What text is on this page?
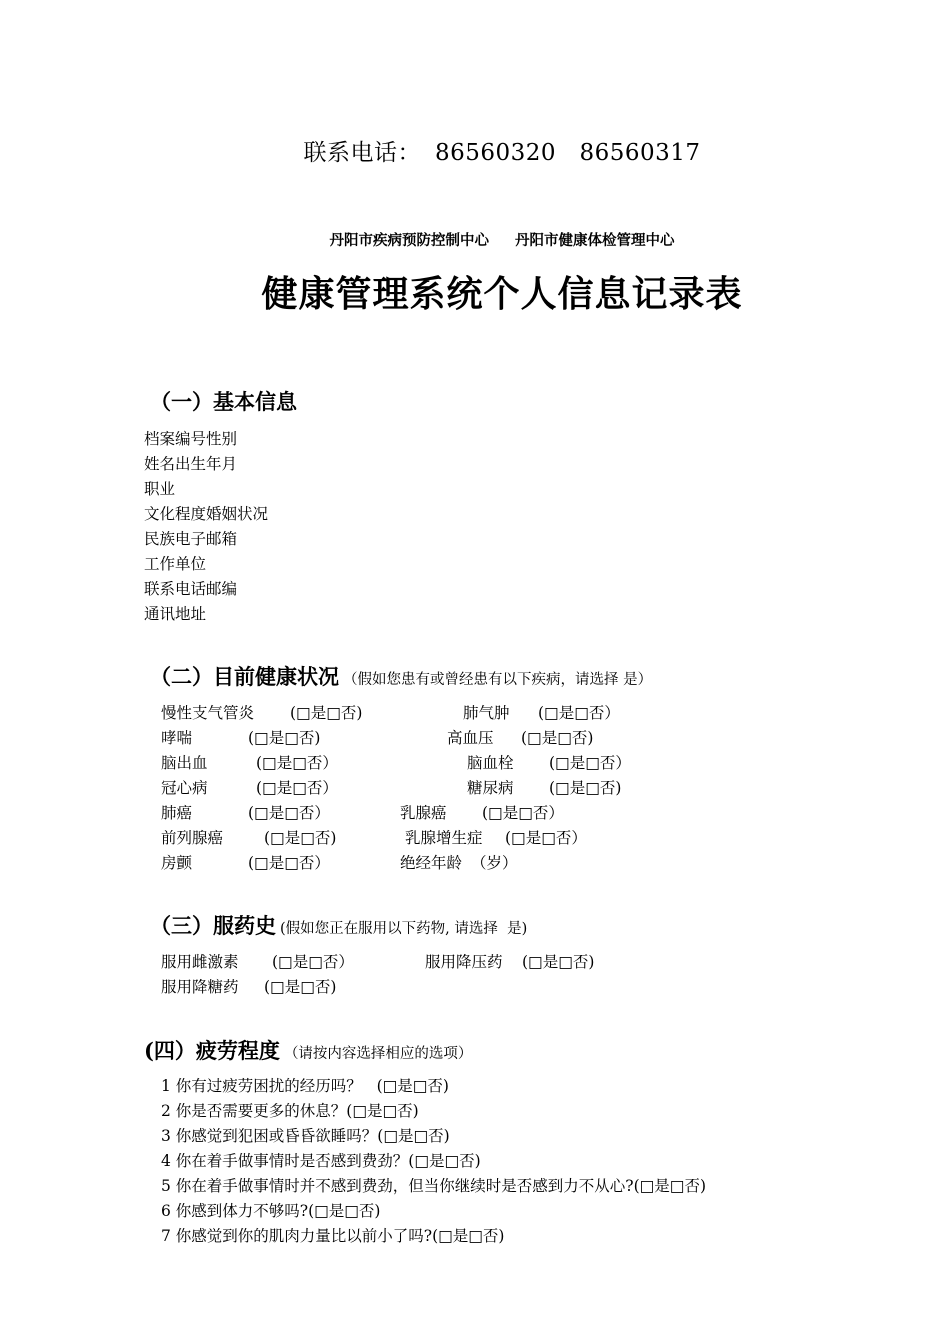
联系电话： 86560320   86560317
丹阳市疾病预防控制中心 丹阳市健康体检管理中心
健康管理系统个人信息记录表
（一）基本信息
档案编号性别
姓名出生年月
职业
文化程度婚姻状况
民族电子邮箱
工作单位
联系电话邮编
通讯地址
（二）目前健康状况 （假如您患有或曾经患有以下疾病，请选择 是）
慢性支气管炎 (□是□否)	肺气肿 (□是□否）
哮喘	(□是□否)	高血压 (□是□否)
脑出血	(□是□否）	脑血栓 (□是□否）
冠心病	(□是□否）	糖尿病 (□是□否)
肺癌	(□是□否）	乳腺癌 (□是□否）
前列腺癌	(□是□否)	乳腺增生症 (□是□否）
房颤	(□是□否）	绝经年龄 （岁）
（三）服药史 (假如您正在服用以下药物, 请选择  是)
服用雌激素 (□是□否）	服用降压药 (□是□否)
服用降糖药 (□是□否)
(四）疲劳程度 （请按内容选择相应的选项）
1 你有过疲劳困扰的经历吗？   (□是□否)
2 你是否需要更多的休息？(□是□否)
3 你感觉到犯困或昏昏欲睡吗？(□是□否)
4 你在着手做事情时是否感到费劲？(□是□否)
5 你在着手做事情时并不感到费劲，但当你继续时是否感到力不从心?(□是□否)
6 你感到体力不够吗?(□是□否)
7 你感觉到你的肌肉力量比以前小了吗?(□是□否)
